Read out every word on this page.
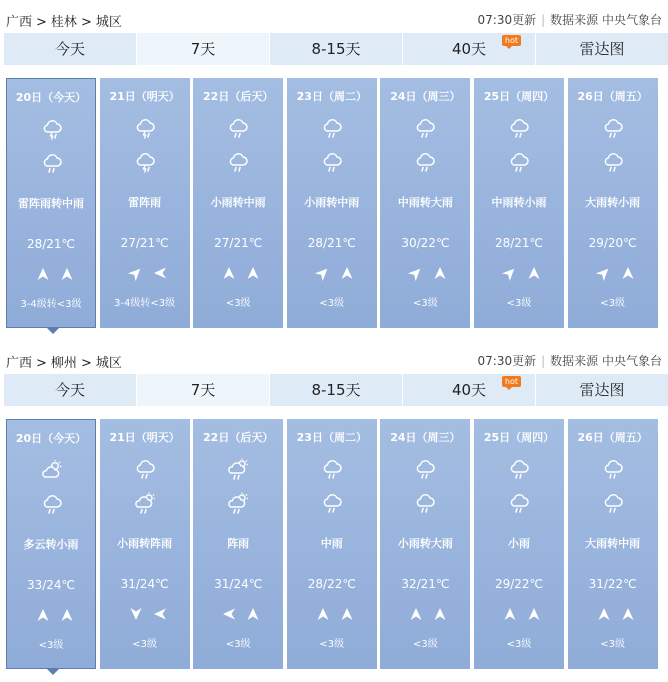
广西 > 桂林 > 城区	07:30更新 | 数据来源 中央气象台
今天	7天	8-15天	40天	hot	雷达图
20日（今天）
雷阵雨转中雨
28/21℃
3-4级转<3级
21日（明天）
雷阵雨
27/21℃
3-4级转<3级
22日（后天）
小雨转中雨
27/21℃
<3级
23日（周二）
小雨转中雨
28/21℃
<3级
24日（周三）
中雨转大雨
30/22℃
<3级
25日（周四）
中雨转小雨
28/21℃
<3级
26日（周五）
大雨转小雨
29/20℃
<3级
广西 > 柳州 > 城区	07:30更新 | 数据来源 中央气象台
今天	7天	8-15天	40天	hot	雷达图
20日（今天）
多云转小雨
33/24℃
<3级
21日（明天）
小雨转阵雨
31/24℃
<3级
22日（后天）
阵雨
31/24℃
<3级
23日（周二）
中雨
28/22℃
<3级
24日（周三）
小雨转大雨
32/21℃
<3级
25日（周四）
小雨
29/22℃
<3级
26日（周五）
大雨转中雨
31/22℃
<3级
